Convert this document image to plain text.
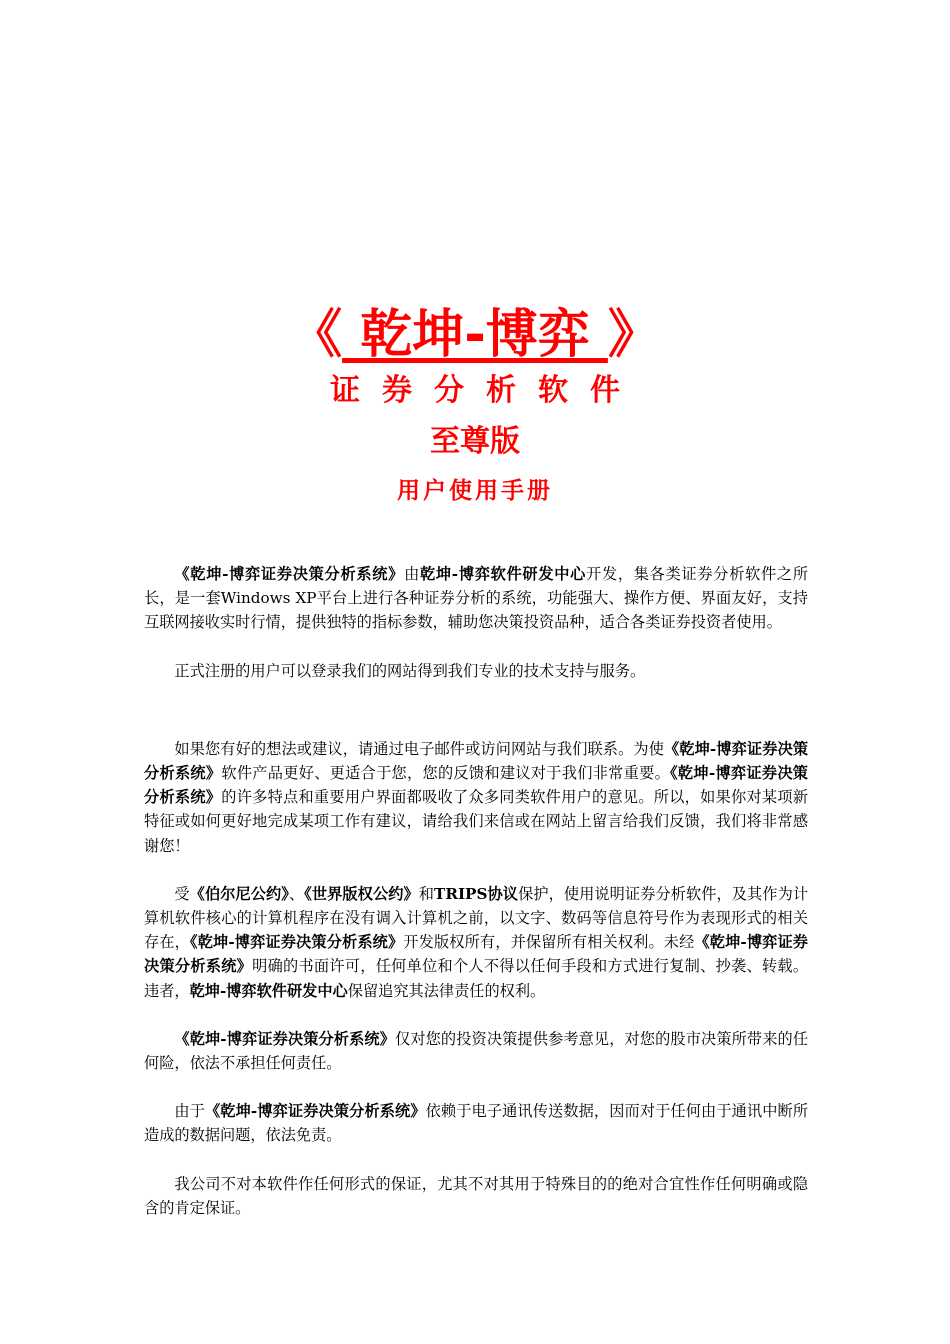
《 乾坤-博弈 》
证券分析软件
至尊版
用户使用手册

《乾坤-博弈证券决策分析系统》由乾坤-博弈软件研发中心开发，集各类证券分析软件之所长，是一套Windows XP平台上进行各种证券分析的系统，功能强大、操作方便、界面友好，支持互联网接收实时行情，提供独特的指标参数，辅助您决策投资品种，适合各类证券投资者使用。

正式注册的用户可以登录我们的网站得到我们专业的技术支持与服务。

如果您有好的想法或建议，请通过电子邮件或访问网站与我们联系。为使《乾坤-博弈证券决策分析系统》软件产品更好、更适合于您，您的反馈和建议对于我们非常重要。《乾坤-博弈证券决策分析系统》的许多特点和重要用户界面都吸收了众多同类软件用户的意见。所以，如果你对某项新特征或如何更好地完成某项工作有建议，请给我们来信或在网站上留言给我们反馈，我们将非常感谢您！

受《伯尔尼公约》、《世界版权公约》和TRIPS协议保护，使用说明证券分析软件，及其作为计算机软件核心的计算机程序在没有调入计算机之前，以文字、数码等信息符号作为表现形式的相关存在，《乾坤-博弈证券决策分析系统》开发版权所有，并保留所有相关权利。未经《乾坤-博弈证券决策分析系统》明确的书面许可，任何单位和个人不得以任何手段和方式进行复制、抄袭、转载。违者，乾坤-博弈软件研发中心保留追究其法律责任的权利。

《乾坤-博弈证券决策分析系统》仅对您的投资决策提供参考意见，对您的股市决策所带来的任何险，依法不承担任何责任。

由于《乾坤-博弈证券决策分析系统》依赖于电子通讯传送数据，因而对于任何由于通讯中断所造成的数据问题，依法免责。

我公司不对本软件作任何形式的保证，尤其不对其用于特殊目的的绝对合宜性作任何明确或隐含的肯定保证。
